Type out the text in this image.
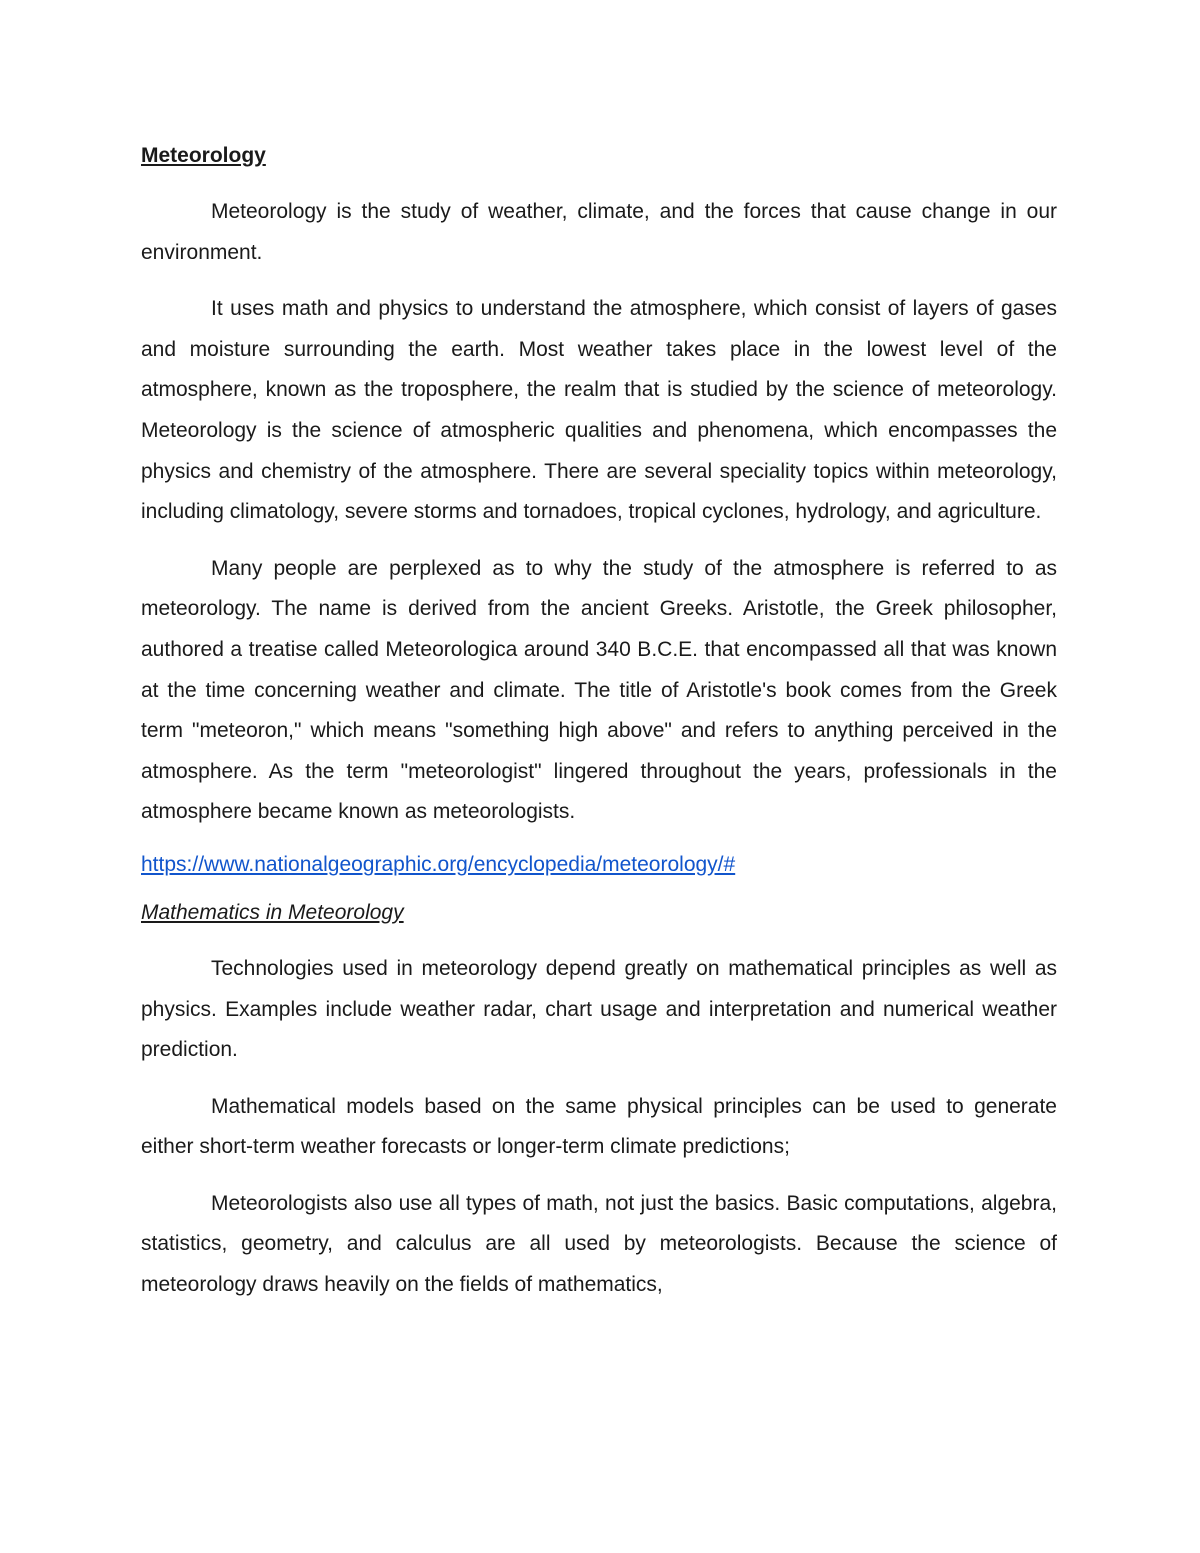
Meteorology

Meteorology is the study of weather, climate, and the forces that cause change in our environment.

It uses math and physics to understand the atmosphere, which consist of layers of gases and moisture surrounding the earth. Most weather takes place in the lowest level of the atmosphere, known as the troposphere, the realm that is studied by the science of meteorology. Meteorology is the science of atmospheric qualities and phenomena, which encompasses the physics and chemistry of the atmosphere. There are several speciality topics within meteorology, including climatology, severe storms and tornadoes, tropical cyclones, hydrology, and agriculture.

Many people are perplexed as to why the study of the atmosphere is referred to as meteorology. The name is derived from the ancient Greeks. Aristotle, the Greek philosopher, authored a treatise called Meteorologica around 340 B.C.E. that encompassed all that was known at the time concerning weather and climate. The title of Aristotle's book comes from the Greek term "meteoron," which means "something high above" and refers to anything perceived in the atmosphere. As the term "meteorologist" lingered throughout the years, professionals in the atmosphere became known as meteorologists.

https://www.nationalgeographic.org/encyclopedia/meteorology/#
Mathematics in Meteorology

Technologies used in meteorology depend greatly on mathematical principles as well as physics. Examples include weather radar, chart usage and interpretation and numerical weather prediction.

Mathematical models based on the same physical principles can be used to generate either short-term weather forecasts or longer-term climate predictions;

Meteorologists also use all types of math, not just the basics. Basic computations, algebra, statistics, geometry, and calculus are all used by meteorologists. Because the science of meteorology draws heavily on the fields of mathematics,
